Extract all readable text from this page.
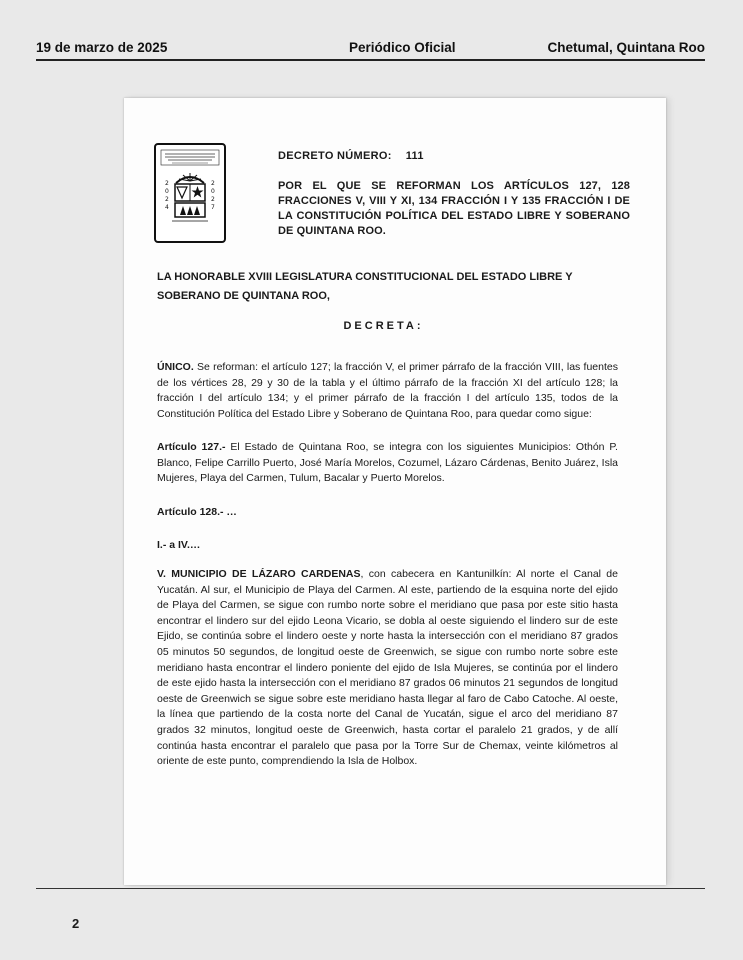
19 de marzo de 2025	Periódico Oficial	Chetumal, Quintana Roo
2
0
2
4
2
0
2
7
DECRETO NÚMERO: 111
POR EL QUE SE REFORMAN LOS ARTÍCULOS 127, 128 FRACCIONES V, VIII Y XI, 134 FRACCIÓN I Y 135 FRACCIÓN I DE LA CONSTITUCIÓN POLÍTICA DEL ESTADO LIBRE Y SOBERANO DE QUINTANA ROO.
LA HONORABLE XVIII LEGISLATURA CONSTITUCIONAL DEL ESTADO LIBRE Y SOBERANO DE QUINTANA ROO,
DECRETA:
ÚNICO. Se reforman: el artículo 127; la fracción V, el primer párrafo de la fracción VIII, las fuentes de los vértices 28, 29 y 30 de la tabla y el último párrafo de la fracción XI del artículo 128; la fracción I del artículo 134; y el primer párrafo de la fracción I del artículo 135, todos de la Constitución Política del Estado Libre y Soberano de Quintana Roo, para quedar como sigue:
Artículo 127.- El Estado de Quintana Roo, se integra con los siguientes Municipios: Othón P. Blanco, Felipe Carrillo Puerto, José María Morelos, Cozumel, Lázaro Cárdenas, Benito Juárez, Isla Mujeres, Playa del Carmen, Tulum, Bacalar y Puerto Morelos.
Artículo 128.- …
I.- a IV.…
V. MUNICIPIO DE LÁZARO CARDENAS, con cabecera en Kantunilkín: Al norte el Canal de Yucatán. Al sur, el Municipio de Playa del Carmen. Al este, partiendo de la esquina norte del ejido de Playa del Carmen, se sigue con rumbo norte sobre el meridiano que pasa por este sitio hasta encontrar el lindero sur del ejido Leona Vicario, se dobla al oeste siguiendo el lindero sur de este Ejido, se continúa sobre el lindero oeste y norte hasta la intersección con el meridiano 87 grados 05 minutos 50 segundos, de longitud oeste de Greenwich, se sigue con rumbo norte sobre este meridiano hasta encontrar el lindero poniente del ejido de Isla Mujeres, se continúa por el lindero de este ejido hasta la intersección con el meridiano 87 grados 06 minutos 21 segundos de longitud oeste de Greenwich se sigue sobre este meridiano hasta llegar al faro de Cabo Catoche. Al oeste, la línea que partiendo de la costa norte del Canal de Yucatán, sigue el arco del meridiano 87 grados 32 minutos, longitud oeste de Greenwich, hasta cortar el paralelo 21 grados, y de allí continúa hasta encontrar el paralelo que pasa por la Torre Sur de Chemax, veinte kilómetros al oriente de este punto, comprendiendo la Isla de Holbox.
2
